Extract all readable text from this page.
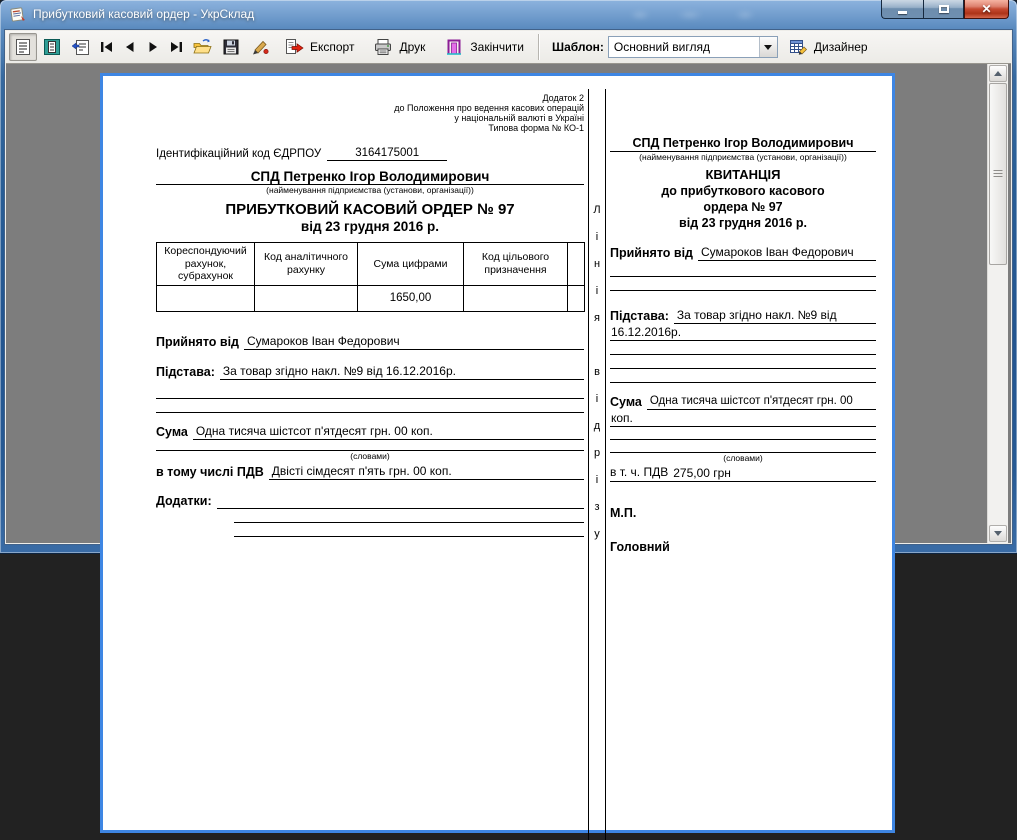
Прибутковий касовий ордер - УкрСклад	✕
Експорт	Друк	Закінчити	Шаблон: Основний вигляд	Дизайнер
Додаток 2
до Положення про ведення касових операцій
у національній валюті в Україні
Типова форма № КО-1
Ідентифікаційний код ЄДРПОУ	3164175001
СПД Петренко Ігор Володимирович
(найменування підприємства (установи, організації))
ПРИБУТКОВИЙ КАСОВИЙ ОРДЕР № 97
від 23 грудня 2016 р.
Кореспондуючий рахунок, субрахунок	Код аналітичного рахунку	Сума цифрами	Код цільового призначення	
		1650,00		
Прийнято від Сумароков Іван Федорович
Підстава: За товар згідно накл. №9 від 16.12.2016р.
Сума Одна тисяча шістсот п'ятдесят грн. 00 коп.
(словами)
в тому числі ПДВ Двісті сімдесят п'ять грн. 00 коп.
Додатки:
Л
і
н
і
я
в
і
д
р
і
з
у
СПД Петренко Ігор Володимирович
(найменування підприємства (установи, організації))
КВИТАНЦІЯ
до прибуткового касового
ордера № 97
від 23 грудня 2016 р.
Прийнято від Сумароков Іван Федорович
Підстава: За товар згідно накл. №9 від
16.12.2016р.
Сума Одна тисяча шістсот п'ятдесят грн. 00
коп.
(словами)
в т. ч. ПДВ 275,00 грн
М.П.
Головний
